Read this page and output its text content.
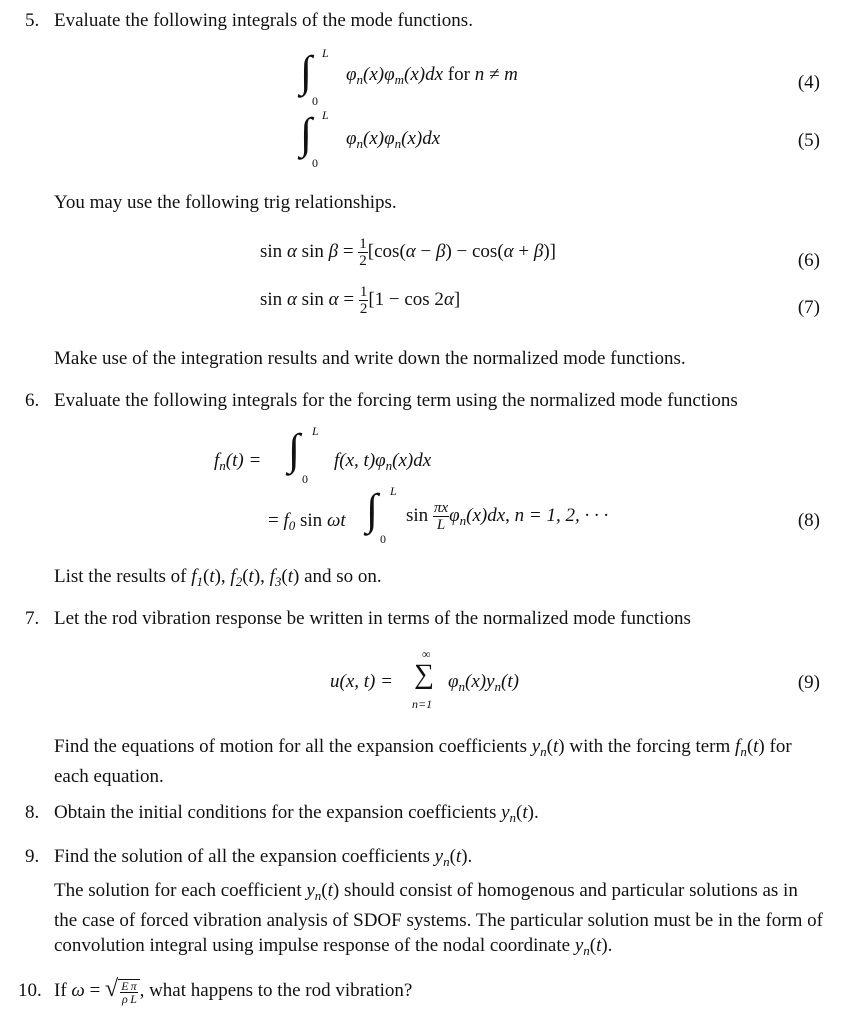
5. Evaluate the following integrals of the mode functions.
∫ L
0
$\varphi_n(x)\varphi_m(x)dx$ for n ≠ m	(4)
∫ L
0
$\varphi_n(x)\varphi_n(x)dx$	(5)
You may use the following trig relationships.
sin α $\sin \beta = \frac{1}{2} [\cos(\alpha - \beta) - \cos(\alpha + \beta)]$	(6)
sin α $\sin \alpha = \frac{1}{2} [1 - \cos 2\alpha]$	(7)
Make use of the integration results and write down the normalized mode functions.
6. Evaluate the following integrals for the forcing term using the normalized mode functions
$f_n(t)$ = ∫ L
0
f(x, $t)\varphi_n(x)dx$
= $f_0$ sin ωt ∫ L
0
$\sin \frac{\pi x}{L} \varphi_n(x)dx$, n = 1, 2, · · ·	(8)
List the results of $f_1(t)$, $f_2(t)$, $f_3(t)$ and so on.
7. Let the rod vibration response be written in terms of the normalized mode functions
u(x, t) =
∞
∑
n=1
$\varphi_n(x)y_n(t)$	(9)
Find the equations of motion for all the expansion coefficients $y_n(t)$ with the forcing term $f_n(t)$ for each equation.
8. Obtain the initial conditions for the expansion coefficients $y_n(t)$.
9. Find the solution of all the expansion coefficients $y_n(t)$.
The solution for each coefficient $y_n(t)$ should consist of homogenous and particular solutions as in the case of forced vibration analysis of SDOF systems. The particular solution must be in the form of convolution integral using impulse response of the nodal coordinate $y_n(t)$.
10. If ω = √ $\frac{E}{\rho} \frac{\pi}{L}$ , what happens to the rod vibration?
